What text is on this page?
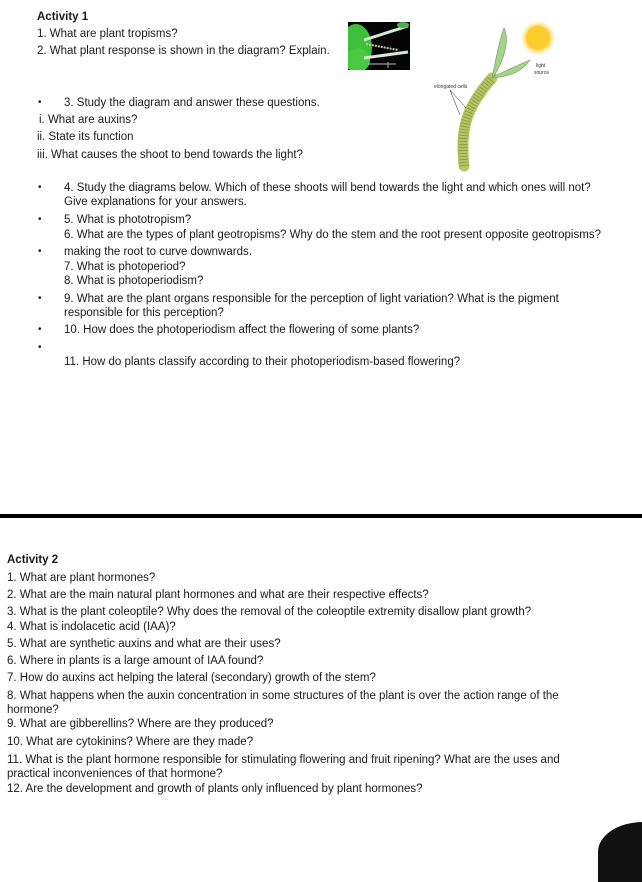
Activity 1
1. What are plant tropisms?
2. What plant response is shown in the diagram? Explain.
elongated cells
light
source
• 3. Study the diagram and answer these questions.
i. What are auxins?
ii. State its function
iii. What causes the shoot to bend towards the light?
• 4. Study the diagrams below. Which of these shoots will bend towards the light and which ones will not?
Give explanations for your answers.
• 5. What is phototropism?
6. What are the types of plant geotropisms? Why do the stem and the root present opposite geotropisms?
• making the root to curve downwards.
7. What is photoperiod?
8. What is photoperiodism?
• 9. What are the plant organs responsible for the perception of light variation? What is the pigment
responsible for this perception?
• 10. How does the photoperiodism affect the flowering of some plants?
•
11. How do plants classify according to their photoperiodism-based flowering?
Activity 2
1. What are plant hormones?
2. What are the main natural plant hormones and what are their respective effects?
3. What is the plant coleoptile? Why does the removal of the coleoptile extremity disallow plant growth?
4. What is indolacetic acid (IAA)?
5. What are synthetic auxins and what are their uses?
6. Where in plants is a large amount of IAA found?
7. How do auxins act helping the lateral (secondary) growth of the stem?
8. What happens when the auxin concentration in some structures of the plant is over the action range of the
hormone?
9. What are gibberellins? Where are they produced?
10. What are cytokinins? Where are they made?
11. What is the plant hormone responsible for stimulating flowering and fruit ripening? What are the uses and
practical inconveniences of that hormone?
12. Are the development and growth of plants only influenced by plant hormones?
